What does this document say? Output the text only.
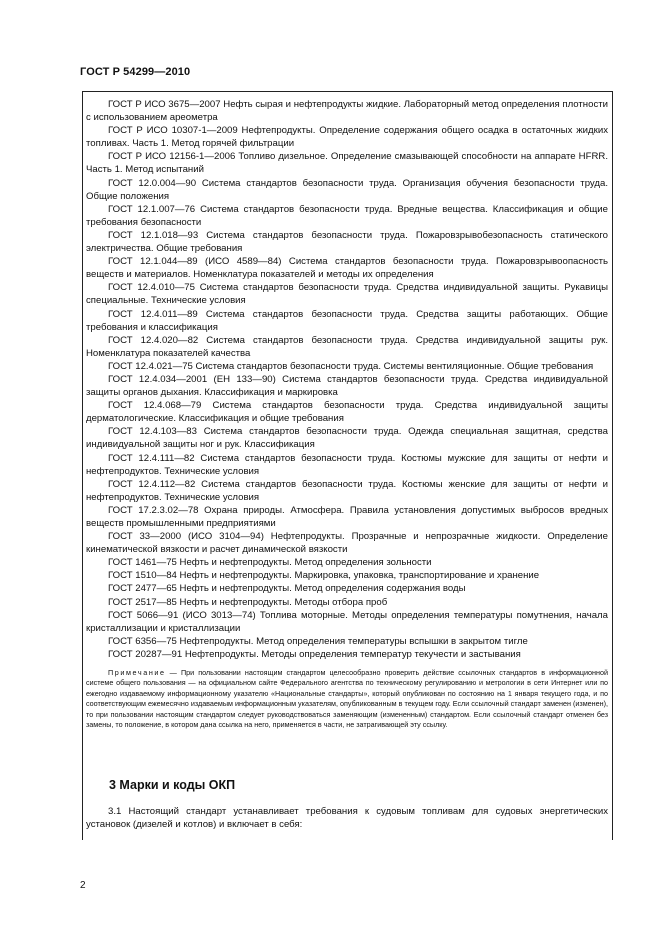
ГОСТ Р 54299—2010

ГОСТ Р ИСО 3675—2007 Нефть сырая и нефтепродукты жидкие. Лабораторный метод определения плотности с использованием ареометра

ГОСТ Р ИСО 10307-1—2009 Нефтепродукты. Определение содержания общего осадка в остаточных жидких топливах. Часть 1. Метод горячей фильтрации

ГОСТ Р ИСО 12156-1—2006 Топливо дизельное. Определение смазывающей способности на аппарате HFRR. Часть 1. Метод испытаний

ГОСТ 12.0.004—90 Система стандартов безопасности труда. Организация обучения безопасности труда. Общие положения

ГОСТ 12.1.007—76 Система стандартов безопасности труда. Вредные вещества. Классификация и общие требования безопасности

ГОСТ 12.1.018—93 Система стандартов безопасности труда. Пожаровзрывобезопасность статического электричества. Общие требования

ГОСТ 12.1.044—89 (ИСО 4589—84) Система стандартов безопасности труда. Пожаровзрывоопасность веществ и материалов. Номенклатура показателей и методы их определения

ГОСТ 12.4.010—75 Система стандартов безопасности труда. Средства индивидуальной защиты. Рукавицы специальные. Технические условия

ГОСТ 12.4.011—89 Система стандартов безопасности труда. Средства защиты работающих. Общие требования и классификация

ГОСТ 12.4.020—82 Система стандартов безопасности труда. Средства индивидуальной защиты рук. Номенклатура показателей качества

ГОСТ 12.4.021—75 Система стандартов безопасности труда. Системы вентиляционные. Общие требования

ГОСТ 12.4.034—2001 (ЕН 133—90) Система стандартов безопасности труда. Средства индивидуальной защиты органов дыхания. Классификация и маркировка

ГОСТ 12.4.068—79 Система стандартов безопасности труда. Средства индивидуальной защиты дерматологические. Классификация и общие требования

ГОСТ 12.4.103—83 Система стандартов безопасности труда. Одежда специальная защитная, средства индивидуальной защиты ног и рук. Классификация

ГОСТ 12.4.111—82 Система стандартов безопасности труда. Костюмы мужские для защиты от нефти и нефтепродуктов. Технические условия

ГОСТ 12.4.112—82 Система стандартов безопасности труда. Костюмы женские для защиты от нефти и нефтепродуктов. Технические условия

ГОСТ 17.2.3.02—78 Охрана природы. Атмосфера. Правила установления допустимых выбросов вредных веществ промышленными предприятиями

ГОСТ 33—2000 (ИСО 3104—94) Нефтепродукты. Прозрачные и непрозрачные жидкости. Определение кинематической вязкости и расчет динамической вязкости

ГОСТ 1461—75 Нефть и нефтепродукты. Метод определения зольности

ГОСТ 1510—84 Нефть и нефтепродукты. Маркировка, упаковка, транспортирование и хранение

ГОСТ 2477—65 Нефть и нефтепродукты. Метод определения содержания воды

ГОСТ 2517—85 Нефть и нефтепродукты. Методы отбора проб

ГОСТ 5066—91 (ИСО 3013—74) Топлива моторные. Методы определения температуры помутнения, начала кристаллизации и кристаллизации

ГОСТ 6356—75 Нефтепродукты. Метод определения температуры вспышки в закрытом тигле

ГОСТ 20287—91 Нефтепродукты. Методы определения температур текучести и застывания

Примечание — При пользовании настоящим стандартом целесообразно проверить действие ссылочных стандартов в информационной системе общего пользования — на официальном сайте Федерального агентства по техническому регулированию и метрологии в сети Интернет или по ежегодно издаваемому информационному указателю «Национальные стандарты», который опубликован по состоянию на 1 января текущего года, и по соответствующим ежемесячно издаваемым информационным указателям, опубликованным в текущем году. Если ссылочный стандарт заменен (изменен), то при пользовании настоящим стандартом следует руководствоваться заменяющим (измененным) стандартом. Если ссылочный стандарт отменен без замены, то положение, в котором дана ссылка на него, применяется в части, не затрагивающей эту ссылку.

3 Марки и коды ОКП

3.1 Настоящий стандарт устанавливает требования к судовым топливам для судовых энергетических установок (дизелей и котлов) и включает в себя:

2
